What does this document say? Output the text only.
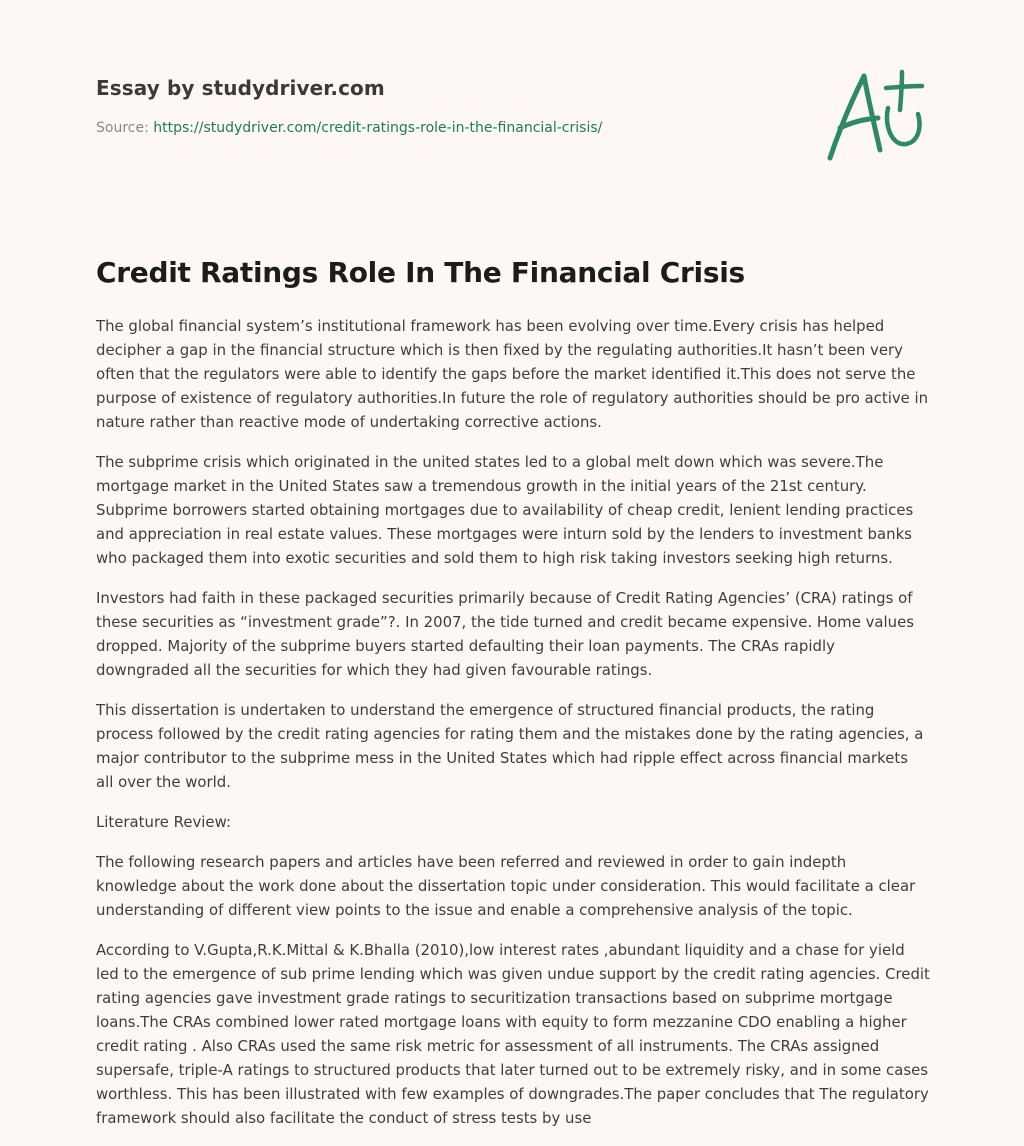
Essay by studydriver.com
Source: https://studydriver.com/credit-ratings-role-in-the-financial-crisis/
Credit Ratings Role In The Financial Crisis

The global financial system’s institutional framework has been evolving over time.Every crisis has helped decipher a gap in the financial structure which is then fixed by the regulating authorities.It hasn’t been very often that the regulators were able to identify the gaps before the market identified it.This does not serve the purpose of existence of regulatory authorities.In future the role of regulatory authorities should be pro active in nature rather than reactive mode of undertaking corrective actions.

The subprime crisis which originated in the united states led to a global melt down which was severe.The mortgage market in the United States saw a tremendous growth in the initial years of the 21st century. Subprime borrowers started obtaining mortgages due to availability of cheap credit, lenient lending practices and appreciation in real estate values. These mortgages were inturn sold by the lenders to investment banks who packaged them into exotic securities and sold them to high risk taking investors seeking high returns.

Investors had faith in these packaged securities primarily because of Credit Rating Agencies’ (CRA) ratings of these securities as “investment grade”?. In 2007, the tide turned and credit became expensive. Home values dropped. Majority of the subprime buyers started defaulting their loan payments. The CRAs rapidly downgraded all the securities for which they had given favourable ratings.

This dissertation is undertaken to understand the emergence of structured financial products, the rating process followed by the credit rating agencies for rating them and the mistakes done by the rating agencies, a major contributor to the subprime mess in the United States which had ripple effect across financial markets all over the world.

Literature Review:

The following research papers and articles have been referred and reviewed in order to gain indepth knowledge about the work done about the dissertation topic under consideration. This would facilitate a clear understanding of different view points to the issue and enable a comprehensive analysis of the topic.

According to V.Gupta,R.K.Mittal & K.Bhalla (2010),low interest rates ,abundant liquidity and a chase for yield led to the emergence of sub prime lending which was given undue support by the credit rating agencies. Credit rating agencies gave investment grade ratings to securitization transactions based on subprime mortgage loans.The CRAs combined lower rated mortgage loans with equity to form mezzanine CDO enabling a higher credit rating . Also CRAs used the same risk metric for assessment of all instruments. The CRAs assigned supersafe, triple-A ratings to structured products that later turned out to be extremely risky, and in some cases worthless. This has been illustrated with few examples of downgrades.The paper concludes that The regulatory framework should also facilitate the conduct of stress tests by use
